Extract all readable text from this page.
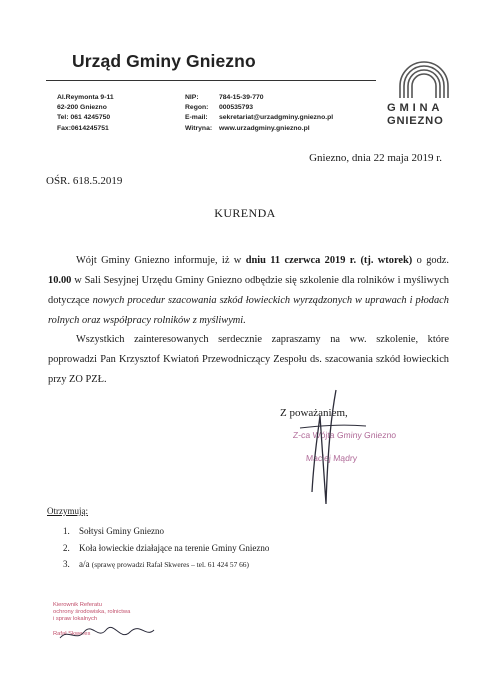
Urząd Gminy Gniezno
Al.Reymonta 9-11
62-200 Gniezno
Tel: 061 4245750
Fax:0614245751
NIP:
Regon:
E-mail:
Witryna:
784-15-39-770
000535793
sekretariat@urzadgminy.gniezno.pl
www.urzadgminy.gniezno.pl
GMINA
GNIEZNO
Gniezno, dnia 22 maja 2019 r.
OŚR. 618.5.2019
KURENDA
Wójt Gminy Gniezno informuje, iż w dniu 11 czerwca 2019 r. (tj. wtorek) o godz. 10.00 w Sali Sesyjnej Urzędu Gminy Gniezno odbędzie się szkolenie dla rolników i myśliwych dotyczące nowych procedur szacowania szkód łowieckich wyrządzonych w uprawach i płodach rolnych oraz współpracy rolników z myśliwymi.
Wszystkich zainteresowanych serdecznie zapraszamy na ww. szkolenie, które poprowadzi Pan Krzysztof Kwiatoń Przewodniczący Zespołu ds. szacowania szkód łowieckich przy ZO PZŁ.
Z poważaniem,
Z-ca Wójta Gminy Gniezno
Maciej Mądry
Otrzymują:
1. Sołtysi Gminy Gniezno
2. Koła łowieckie działające na terenie Gminy Gniezno
3. a/a (sprawę prowadzi Rafał Skweres – tel. 61 424 57 66)
Kierownik Referatu
ochrony środowiska, rolnictwa
i spraw lokalnych
Rafał Skweres
